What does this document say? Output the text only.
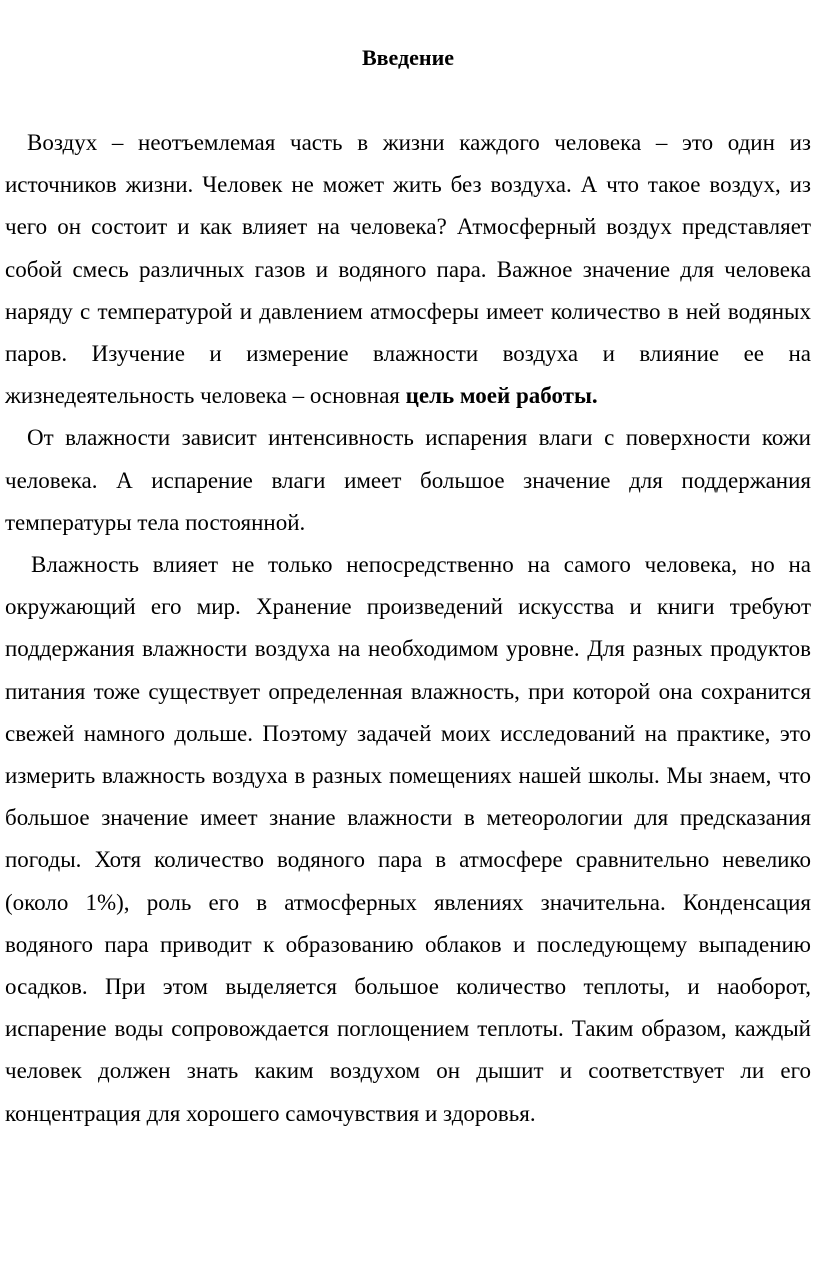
Введение

Воздух – неотъемлемая часть в жизни каждого человека – это один из источников жизни. Человек не может жить без воздуха. А что такое воздух, из чего он состоит и как влияет на человека? Атмосферный воздух представляет собой смесь различных газов и водяного пара. Важное значение для человека наряду с температурой и давлением атмосферы имеет количество в ней водяных паров. Изучение и измерение влажности воздуха и влияние ее на жизнедеятельность человека – основная цель моей работы.

От влажности зависит интенсивность испарения влаги с поверхности кожи человека. А испарение влаги имеет большое значение для поддержания температуры тела постоянной.

Влажность влияет не только непосредственно на самого человека, но на окружающий его мир. Хранение произведений искусства и книги требуют поддержания влажности воздуха на необходимом уровне. Для разных продуктов питания тоже существует определенная влажность, при которой она сохранится свежей намного дольше. Поэтому задачей моих исследований на практике, это измерить влажность воздуха в разных помещениях нашей школы. Мы знаем, что большое значение имеет знание влажности в метеорологии для предсказания погоды. Хотя количество водяного пара в атмосфере сравнительно невелико (около 1%), роль его в атмосферных явлениях значительна. Конденсация водяного пара приводит к образованию облаков и последующему выпадению осадков. При этом выделяется большое количество теплоты, и наоборот, испарение воды сопровождается поглощением теплоты. Таким образом, каждый человек должен знать каким воздухом он дышит и соответствует ли его концентрация для хорошего самочувствия и здоровья.
